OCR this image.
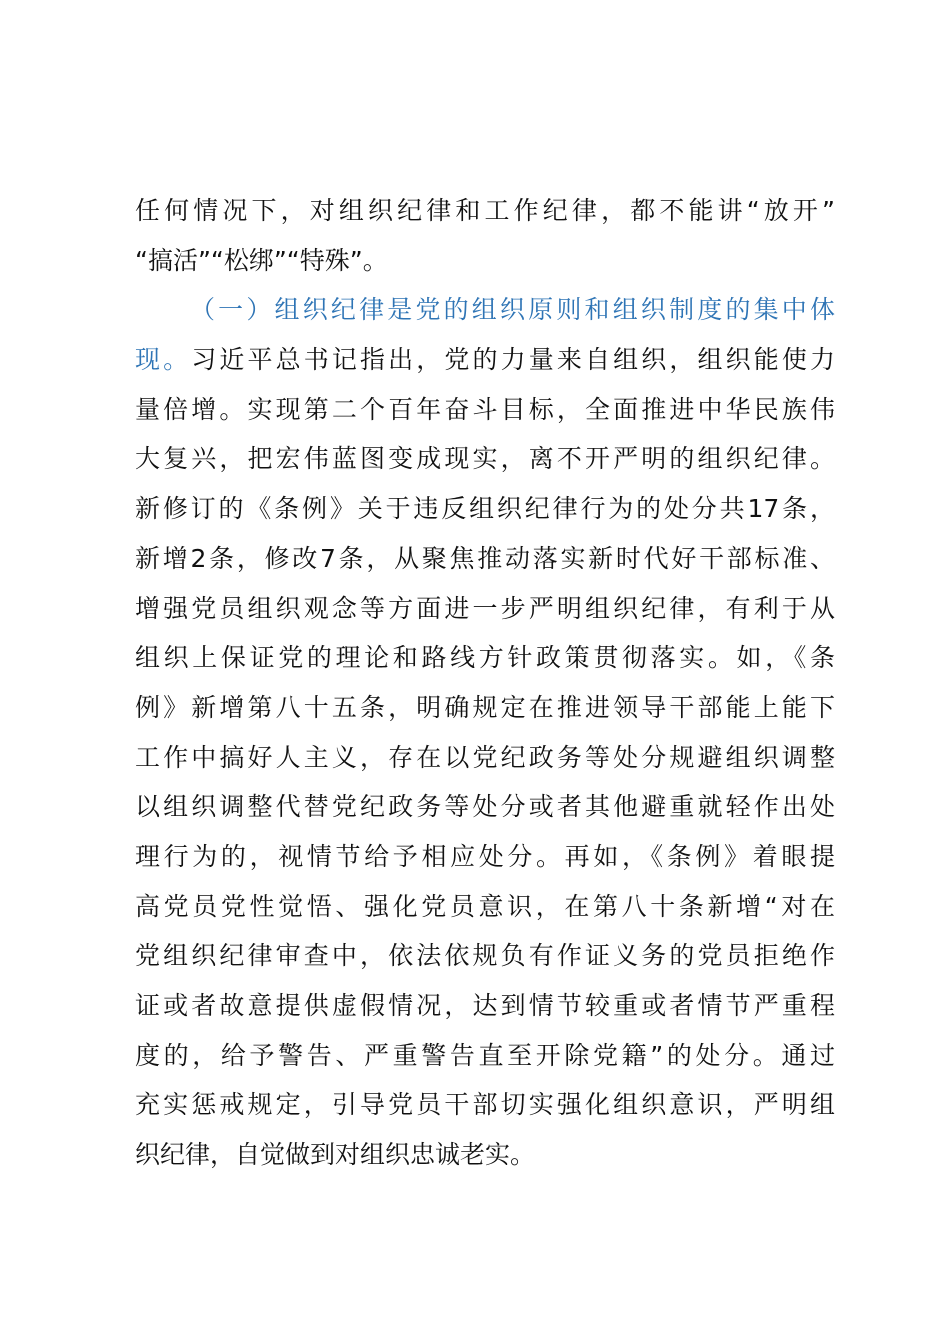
任何情况下，对组织纪律和工作纪律，都不能讲“放开”
“搞活”“松绑”“特殊”。
（一）组织纪律是党的组织原则和组织制度的集中体
现。习近平总书记指出，党的力量来自组织，组织能使力
量倍增。实现第二个百年奋斗目标，全面推进中华民族伟
大复兴，把宏伟蓝图变成现实，离不开严明的组织纪律。
新修订的《条例》关于违反组织纪律行为的处分共17条，
新增2条，修改7条，从聚焦推动落实新时代好干部标准、
增强党员组织观念等方面进一步严明组织纪律，有利于从
组织上保证党的理论和路线方针政策贯彻落实。如，《条
例》新增第八十五条，明确规定在推进领导干部能上能下
工作中搞好人主义，存在以党纪政务等处分规避组织调整
以组织调整代替党纪政务等处分或者其他避重就轻作出处
理行为的，视情节给予相应处分。再如，《条例》着眼提
高党员党性觉悟、强化党员意识，在第八十条新增“对在
党组织纪律审查中，依法依规负有作证义务的党员拒绝作
证或者故意提供虚假情况，达到情节较重或者情节严重程
度的，给予警告、严重警告直至开除党籍”的处分。通过
充实惩戒规定，引导党员干部切实强化组织意识，严明组
织纪律，自觉做到对组织忠诚老实。
